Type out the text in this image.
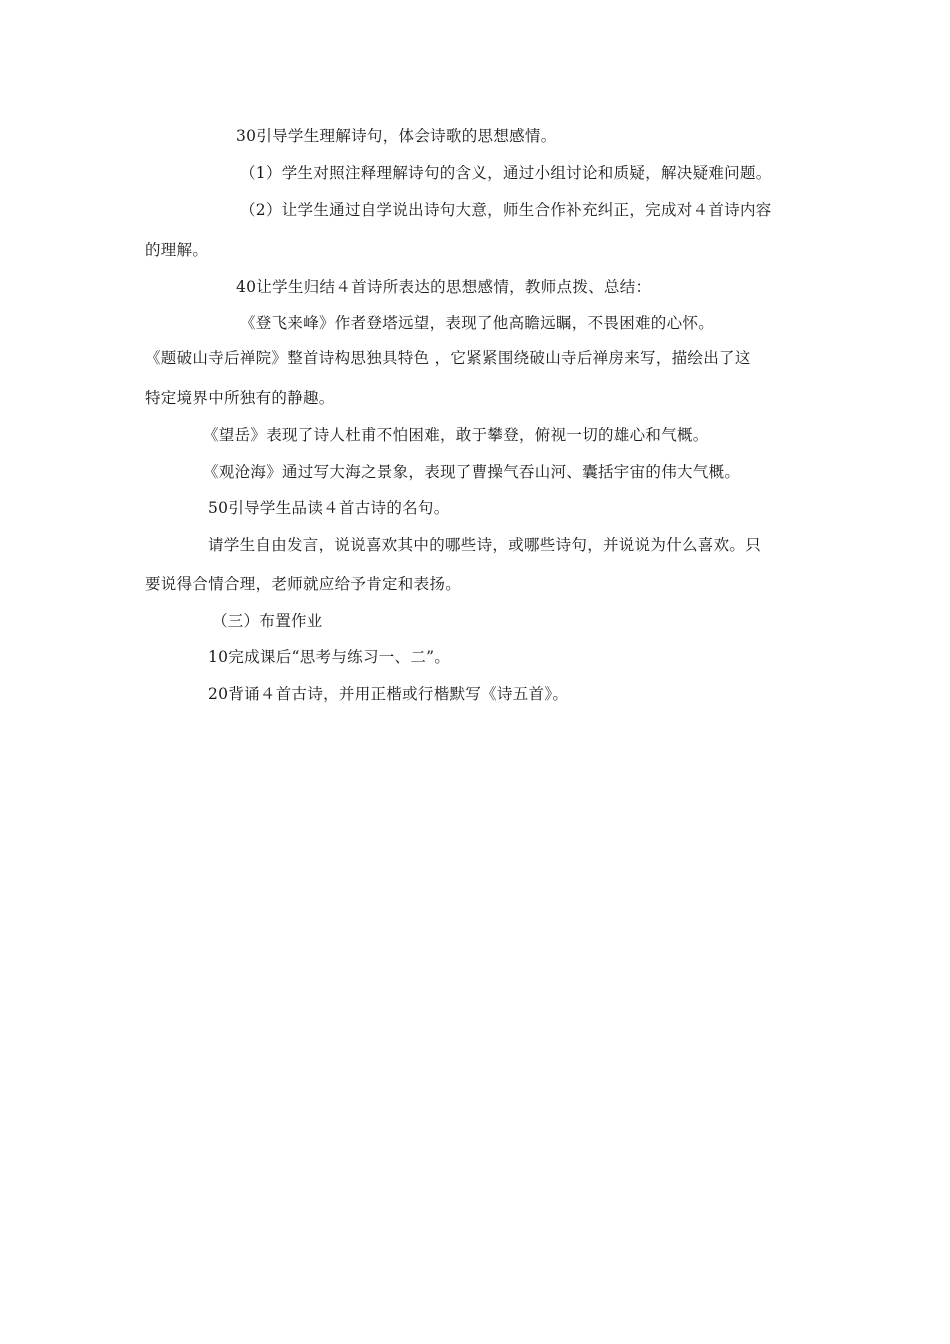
30引导学生理解诗句，体会诗歌的思想感情。
（1）学生对照注释理解诗句的含义，通过小组讨论和质疑，解决疑难问题。
（2）让学生通过自学说出诗句大意，师生合作补充纠正，完成对４首诗内容
的理解。
40让学生归结４首诗所表达的思想感情，教师点拨、总结：
《登飞来峰》作者登塔远望，表现了他高瞻远瞩，不畏困难的心怀。
《题破山寺后禅院》整首诗构思独具特色 ，它紧紧围绕破山寺后禅房来写，描绘出了这
特定境界中所独有的静趣。
《望岳》表现了诗人杜甫不怕困难，敢于攀登，俯视一切的雄心和气概。
《观沧海》通过写大海之景象，表现了曹操气吞山河、囊括宇宙的伟大气概。
50引导学生品读４首古诗的名句。
请学生自由发言，说说喜欢其中的哪些诗，或哪些诗句，并说说为什么喜欢。只
要说得合情合理，老师就应给予肯定和表扬。
（三）布置作业
10完成课后“思考与练习一、二”。
20背诵４首古诗，并用正楷或行楷默写《诗五首》。
